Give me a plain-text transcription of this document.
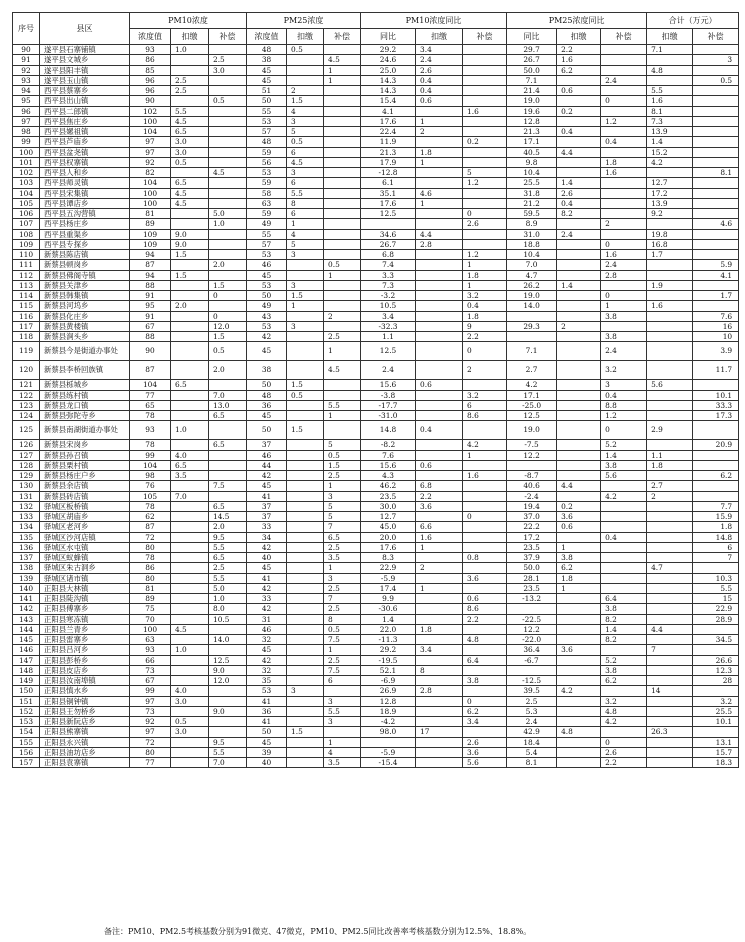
序号	县区	PM10浓度			PM25浓度			PM10浓度同比			PM25浓度同比			合计（万元）	
		浓度值	扣缴	补偿	浓度值	扣缴	补偿	同比	扣缴	补偿	同比	扣缴	补偿	扣缴	补偿
90	遂平县石寨铺镇	93	1.0		48	0.5		29.2	3.4		29.7	2.2		7.1	
91	遂平县文城乡	86		2.5	38		4.5	24.6	2.4		26.7	1.6			3
92	遂平县阳丰镇	85		3.0	45		1	25.0	2.6		50.0	6.2		4.8	
93	遂平县玉山镇	96	2.5		45		1	14.3	0.4		7.1		2.4		0.5
94	西平县蔡寨乡	96	2.5		51	2		14.3	0.4		21.4	0.6		5.5	
95	西平县出山镇	90		0.5	50	1.5		15.4	0.6		19.0		0	1.6	
96	西平县二郎镇	102	5.5		55	4		4.1		1.6	19.6	0.2		8.1	
97	西平县焦庄乡	100	4.5		53	3		17.6	1		12.8		1.2	7.3	
98	西平县嫘祖镇	104	6.5		57	5		22.4	2		21.3	0.4		13.9	
99	西平县芦庙乡	97	3.0		48	0.5		11.9		0.2	17.1		0.4	1.4	
100	西平县盆尧镇	97	3.0		59	6		21.3	1.8		40.5	4.4		15.2	
101	西平县权寨镇	92	0.5		56	4.5		17.9	1		9.8		1.8	4.2	
102	西平县人和乡	82		4.5	53	3		-12.8		5	10.4		1.6		8.1
103	西平县师灵镇	104	6.5		59	6		6.1		1.2	25.5	1.4		12.7	
104	西平县宋集镇	100	4.5		58	5.5		35.1	4.6		31.8	2.6		17.2	
105	西平县谭店乡	100	4.5		63	8		17.6	1		21.2	0.4		13.9	
106	西平县五沟营镇	81		5.0	59	6		12.5		0	59.5	8.2		9.2	
107	西平县杨庄乡	89		1.0	49	1				2.6	8.9		2		4.6
108	西平县重渠乡	109	9.0		55	4		34.6	4.4		31.0	2.4		19.8	
109	西平县专探乡	109	9.0		57	5		26.7	2.8		18.8		0	16.8	
110	新蔡县陈店镇	94	1.5		53	3		6.8		1.2	10.4		1.6	1.7	
111	新蔡县顿岗乡	87		2.0	46		0.5	7.4		1	7.0		2.4		5.9
112	新蔡县佛阁寺镇	94	1.5		45		1	3.3		1.8	4.7		2.8		4.1
113	新蔡县关津乡	88		1.5	53	3		7.3		1	26.2	1.4		1.9	
114	新蔡县韩集镇	91		0	50	1.5		-3.2		3.2	19.0		0		1.7
115	新蔡县河坞乡	95	2.0		49	1		10.5		0.4	14.0		1	1.6	
116	新蔡县化庄乡	91		0	43		2	3.4		1.8			3.8		7.6
117	新蔡县黄楼镇	67		12.0	53	3		-32.3		9	29.3	2			16
118	新蔡县涧头乡	88		1.5	42		2.5	1.1		2.2			3.8		10
119	新蔡县今是街道办事处	90		0.5	45		1	12.5		0	7.1		2.4		3.9
120	新蔡县李桥回族镇	87		2.0	38		4.5	2.4		2	2.7		3.2		11.7
121	新蔡县栎城乡	104	6.5		50	1.5		15.6	0.6		4.2		3	5.6	
122	新蔡县练村镇	77		7.0	48	0.5		-3.8		3.2	17.1		0.4		10.1
123	新蔡县龙口镇	65		13.0	36		5.5	-17.7		6	-25.0		8.8		33.3
124	新蔡县弥陀寺乡	78		6.5	45		1	-31.0		8.6	12.5		1.2		17.3
125	新蔡县南湖街道办事处	93	1.0		50	1.5		14.8	0.4		19.0		0	2.9	
126	新蔡县宋岗乡	78		6.5	37		5	-8.2		4.2	-7.5		5.2		20.9
127	新蔡县孙召镇	99	4.0		46		0.5	7.6		1	12.2		1.4	1.1	
128	新蔡县栗村镇	104	6.5		44		1.5	15.6	0.6				3.8	1.8	
129	新蔡县杨庄户乡	98	3.5		42		2.5	4.3		1.6	-8.7		5.6		6.2
130	新蔡县余店镇	76		7.5	45		1	46.2	6.8		40.6	4.4		2.7	
131	新蔡县砖店镇	105	7.0		41		3	23.5	2.2		-2.4		4.2	2	
132	驿城区板桥镇	78		6.5	37		5	30.0	3.6		19.4	0.2			7.7
133	驿城区胡庙乡	62		14.5	37		5	12.7		0	37.0	3.6			15.9
134	驿城区老河乡	87		2.0	33		7	45.0	6.6		22.2	0.6			1.8
135	驿城区沙河店镇	72		9.5	34		6.5	20.0	1.6		17.2		0.4		14.8
136	驿城区水屯镇	80		5.5	42		2.5	17.6	1		23.5	1			6
137	驿城区蚁蜂镇	78		6.5	40		3.5	8.3		0.8	37.9	3.8			7
138	驿城区朱古洞乡	86		2.5	45		1	22.9	2		50.0	6.2		4.7	
139	驿城区诸市镇	80		5.5	41		3	-5.9		3.6	28.1	1.8			10.3
140	正阳县大林镇	81		5.0	42		2.5	17.4	1		23.5	1			5.5
141	正阳县陡沟镇	89		1.0	33		7	9.9		0.6	-13.2		6.4		15
142	正阳县傅寨乡	75		8.0	42		2.5	-30.6		8.6			3.8		22.9
143	正阳县寒冻镇	70		10.5	31		8	1.4		2.2	-22.5		8.2		28.9
144	正阳县兰青乡	100	4.5		46		0.5	22.0	1.8		12.2		1.4	4.4	
145	正阳县雷寨乡	63		14.0	32		7.5	-11.3		4.8	-22.0		8.2		34.5
146	正阳县吕河乡	93	1.0		45		1	29.2	3.4		36.4	3.6		7	
147	正阳县彭桥乡	66		12.5	42		2.5	-19.5		6.4	-6.7		5.2		26.6
148	正阳县皮店乡	73		9.0	32		7.5	52.1	8				3.8		12.3
149	正阳县汝南埠镇	67		12.0	35		6	-6.9		3.8	-12.5		6.2		28
150	正阳县慎水乡	99	4.0		53	3		26.9	2.8		39.5	4.2		14	
151	正阳县铜钟镇	97	3.0		41		3	12.8		0	2.5		3.2		3.2
152	正阳县王勿桥乡	73		9.0	36		5.5	18.9		6.2	5.3		4.8		25.5
153	正阳县新阮店乡	92	0.5		41		3	-4.2		3.4	2.4		4.2		10.1
154	正阳县熊寨镇	97	3.0		50	1.5		98.0	17		42.9	4.8		26.3	
155	正阳县永兴镇	72		9.5	45		1			2.6	18.4		0		13.1
156	正阳县油坊店乡	80		5.5	39		4	-5.9		3.6	5.4		2.6		15.7
157	正阳县袁寨镇	77		7.0	40		3.5	-15.4		5.6	8.1		2.2		18.3
备注：PM10、PM2.5考核基数分别为91微克、47微克，PM10、PM2.5同比改善率考核基数分别为12.5%、18.8%。
